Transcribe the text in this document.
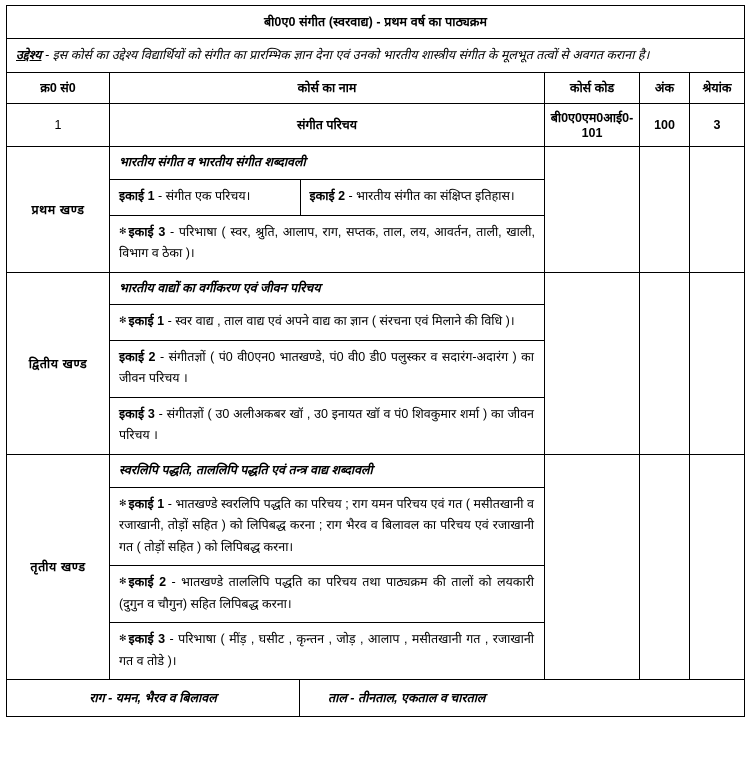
बी0ए0 संगीत (स्वरवाद्य) - प्रथम वर्ष का पाठ्यक्रम
उद्देश्य - इस कोर्स का उद्देश्य विद्यार्थियों को संगीत का प्रारम्भिक ज्ञान देना एवं उनको भारतीय शास्त्रीय संगीत के मूलभूत तत्वों से अवगत कराना है।
क्र0 सं0	कोर्स का नाम	कोर्स कोड	अंक	श्रेयांक
1	संगीत परिचय	बी0ए0एम0आई0-101	100	3
प्रथम खण्ड	
भारतीय संगीत व भारतीय संगीत शब्दावली
इकाई 1 - संगीत एक परिचय।	इकाई 2 - भारतीय संगीत का संक्षिप्त इतिहास।
✻ इकाई 3 - परिभाषा ( स्वर, श्रुति, आलाप, राग, सप्तक, ताल, लय, आवर्तन, ताली, खाली, विभाग व ठेका )।

द्वितीय खण्ड	
भारतीय वाद्यों का वर्गीकरण एवं जीवन परिचय
✻ इकाई 1 - स्वर वाद्य , ताल वाद्य एवं अपने वाद्य का ज्ञान ( संरचना एवं मिलाने की विधि )।
इकाई 2 - संगीतज्ञों ( पं0 वी0एन0 भातखण्डे, पं0 वी0 डी0 पलुस्कर व सदारंग-अदारंग ) का जीवन परिचय ।
इकाई 3 - संगीतज्ञों ( उ0 अलीअकबर खॉ , उ0 इनायत खॉ व पं0 शिवकुमार शर्मा ) का जीवन परिचय ।

तृतीय खण्ड	
स्वरलिपि पद्धति, ताललिपि पद्धति एवं तन्त्र वाद्य शब्दावली
✻ इकाई 1 - भातखण्डे स्वरलिपि पद्धति का परिचय ; राग यमन परिचय एवं गत ( मसीतखानी व रजाखानी, तोड़ों सहित ) को लिपिबद्ध करना ; राग भैरव व बिलावल का परिचय एवं रजाखानी गत ( तोड़ों सहित ) को लिपिबद्ध करना।
✻ इकाई 2 - भातखण्डे ताललिपि पद्धति का परिचय तथा पाठ्यक्रम की तालों को लयकारी (दुगुन व चौगुन) सहित लिपिबद्ध करना।
✻ इकाई 3 - परिभाषा ( मींड़ , घसीट , कृन्तन , जोड़ , आलाप , मसीतखानी गत , रजाखानी गत व तोडे )।

राग - यमन, भैरव व बिलावल	ताल - तीनताल, एकताल व चारताल
